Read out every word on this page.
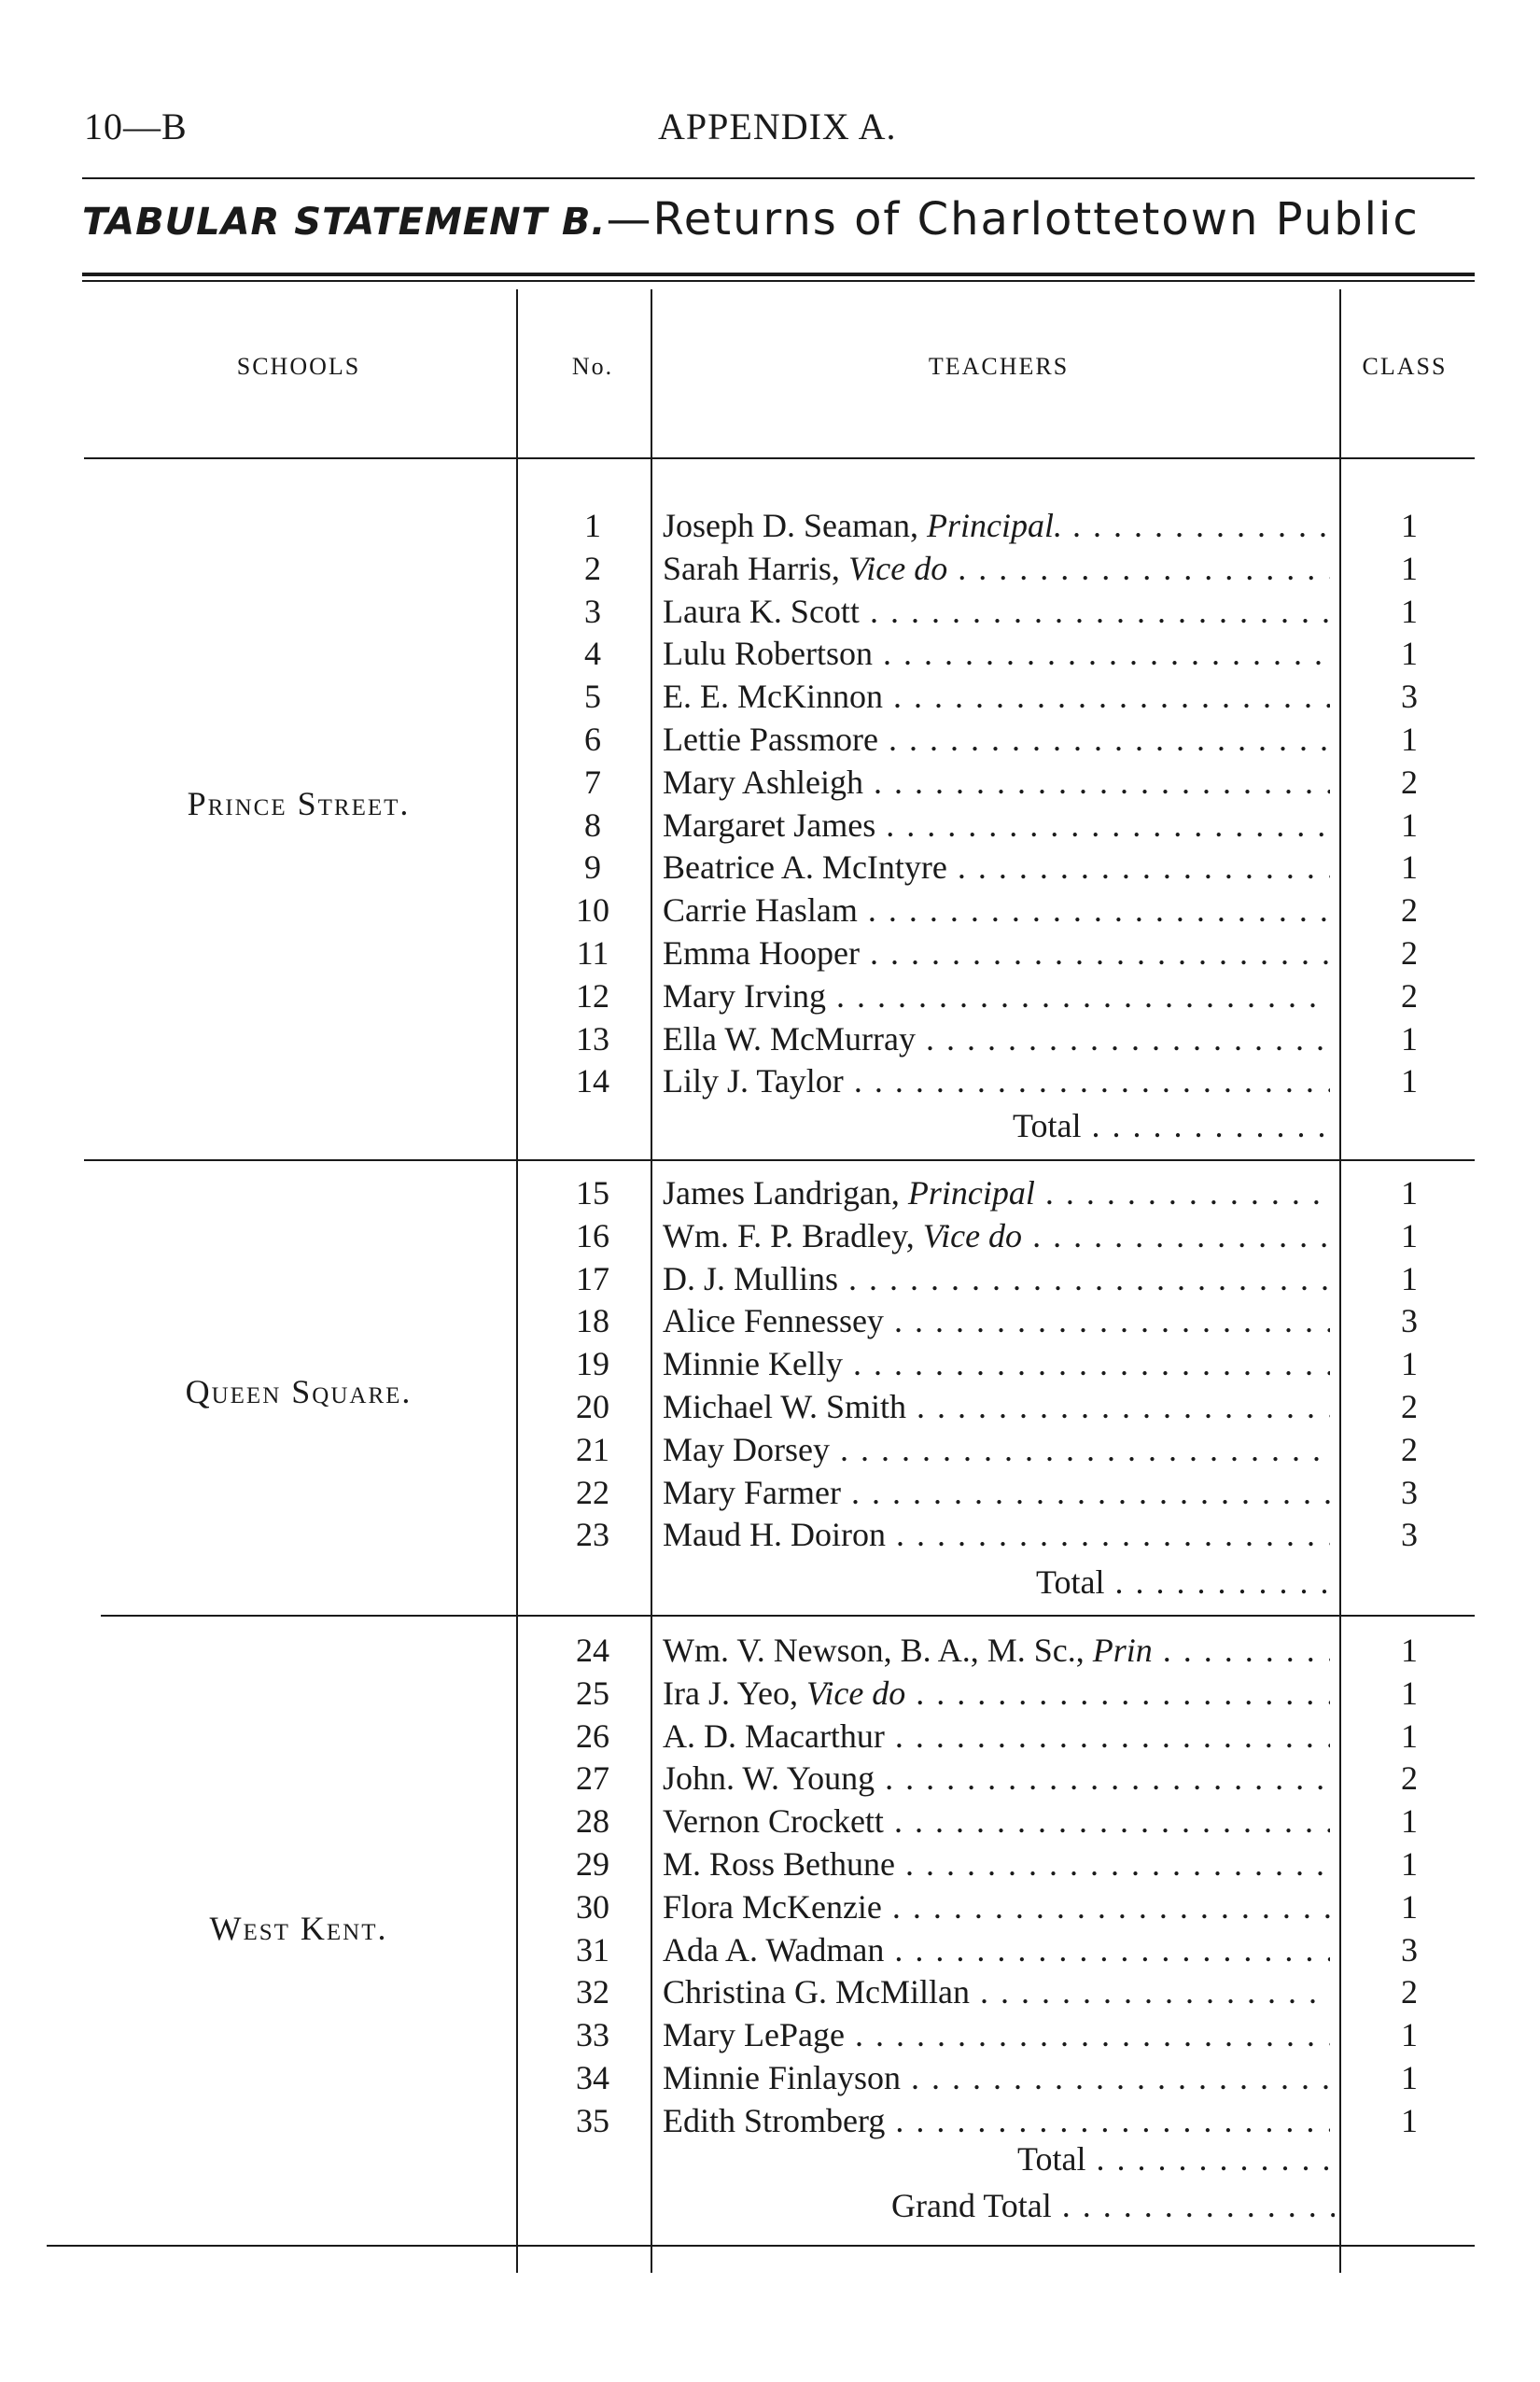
10—B	APPENDIX A.
TABULAR STATEMENT B.—Returns of Charlottetown Public
SCHOOLS	No.	TEACHERS	CLASS
Prince Street.
1	Joseph D. Seaman, Principal. . . .	1
2	Sarah Harris, Vice do . . .	1
3	Laura K. Scott . . .	1
4	Lulu Robertson . . .	1
5	E. E. McKinnon . . .	3
6	Lettie Passmore . . .	1
7	Mary Ashleigh . . .	2
8	Margaret James . . .	1
9	Beatrice A. McIntyre . . .	1
10	Carrie Haslam . . .	2
11	Emma Hooper . . .	2
12	Mary Irving . . .	2
13	Ella W. McMurray . . .	1
14	Lily J. Taylor . . .	1
Total . . .
Queen Square.
15	James Landrigan, Principal . . .	1
16	Wm. F. P. Bradley, Vice do . . .	1
17	D. J. Mullins . . .	1
18	Alice Fennessey . . .	3
19	Minnie Kelly . . .	1
20	Michael W. Smith . . .	2
21	May Dorsey . . .	2
22	Mary Farmer . . .	3
23	Maud H. Doiron . . .	3
Total . . .
West Kent.
24	Wm. V. Newson, B. A., M. Sc., Prin . . .	1
25	Ira J. Yeo, Vice do . . .	1
26	A. D. Macarthur . . .	1
27	John. W. Young . . .	2
28	Vernon Crockett . . .	1
29	M. Ross Bethune . . .	1
30	Flora McKenzie . . .	1
31	Ada A. Wadman . . .	3
32	Christina G. McMillan . . .	2
33	Mary LePage . . .	1
34	Minnie Finlayson . . .	1
35	Edith Stromberg . . .	1
Total . . .
Grand Total . . .
